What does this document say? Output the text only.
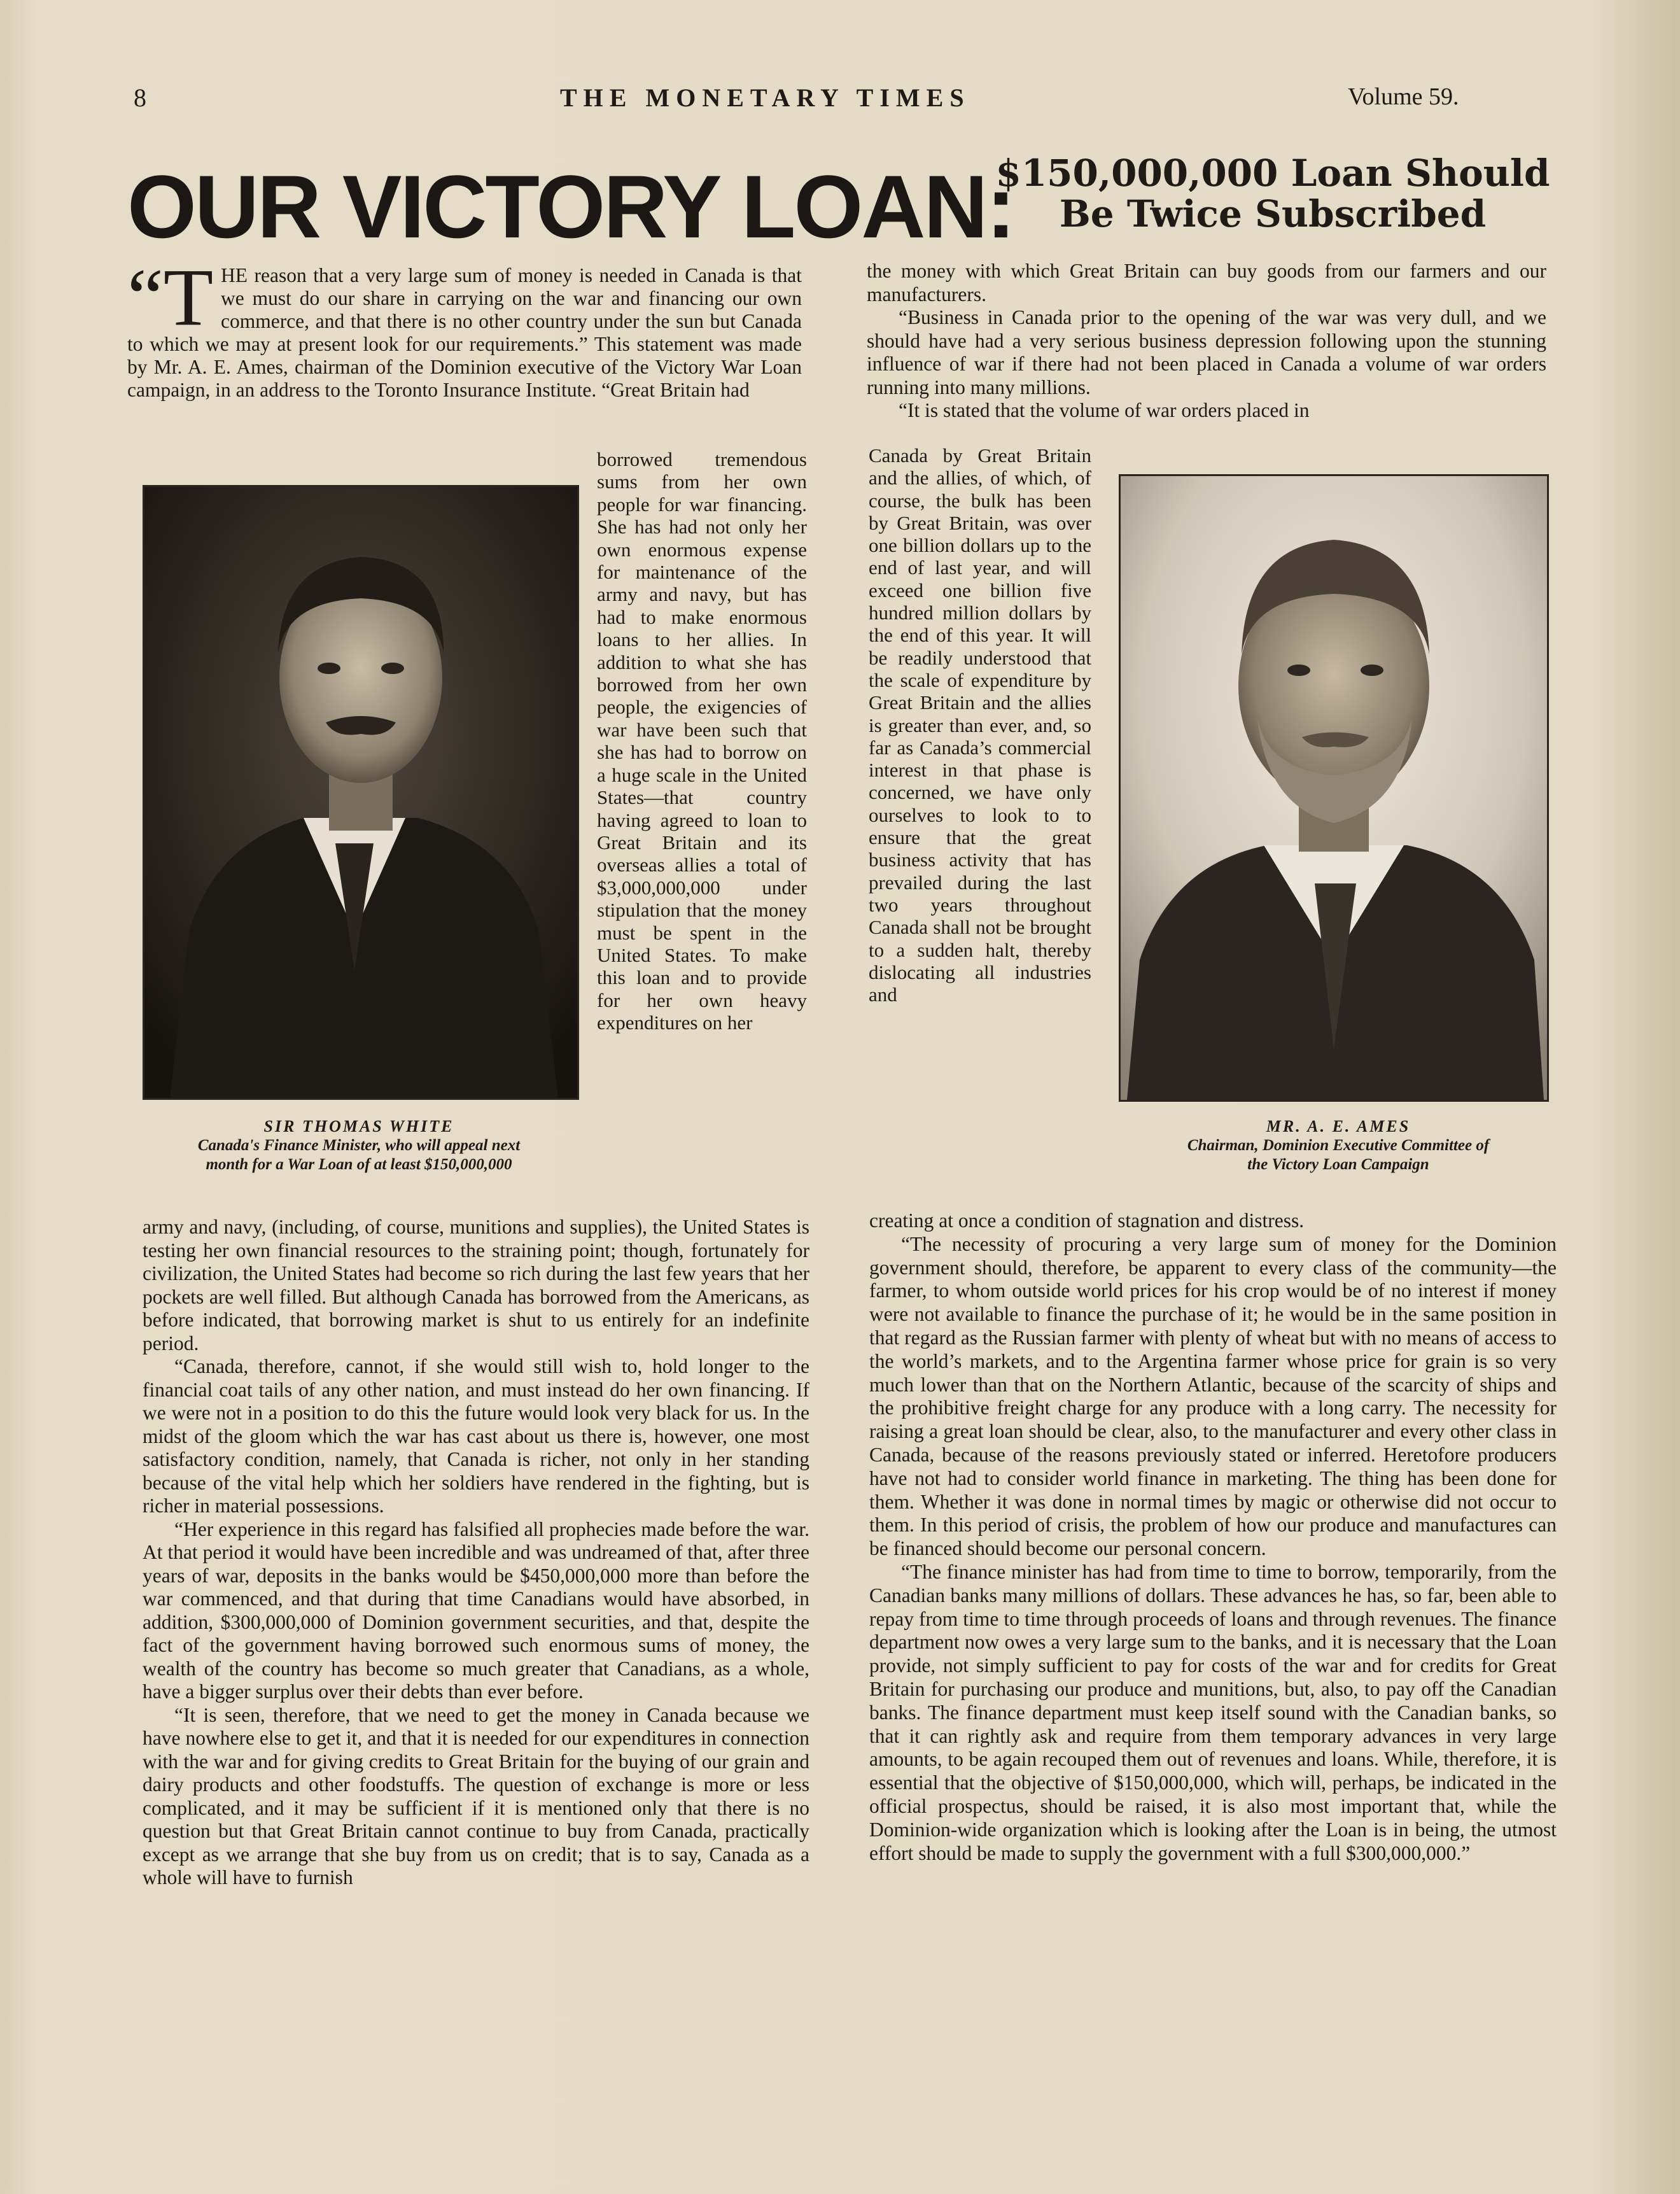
8	THE MONETARY TIMES	Volume 59.
OUR VICTORY LOAN:
$150,000,000 Loan Should
Be Twice Subscribed

“THE reason that a very large sum of money is needed in Canada is that we must do our share in carrying on the war and financing our own commerce, and that there is no other country under the sun but Canada to which we may at present look for our requirements.” This statement was made by Mr. A. E. Ames, chairman of the Dominion executive of the Victory War Loan campaign, in an address to the Toronto Insurance Institute. “Great Britain had

SIR THOMAS WHITE
Canada's Finance Minister, who will appeal next
month for a War Loan of at least $150,000,000

borrowed tremendous sums from her own people for war financing. She has had not only her own enormous expense for maintenance of the army and navy, but has had to make enormous loans to her allies. In addition to what she has borrowed from her own people, the exigencies of war have been such that she has had to borrow on a huge scale in the United States—that country having agreed to loan to Great Britain and its overseas allies a total of $3,000,000,000 under stipulation that the money must be spent in the United States. To make this loan and to provide for her own heavy expenditures on her

army and navy, (including, of course, munitions and supplies), the United States is testing her own financial resources to the straining point; though, fortunately for civilization, the United States had become so rich during the last few years that her pockets are well filled. But although Canada has borrowed from the Americans, as before indicated, that borrowing market is shut to us entirely for an indefinite period.

“Canada, therefore, cannot, if she would still wish to, hold longer to the financial coat tails of any other nation, and must instead do her own financing. If we were not in a position to do this the future would look very black for us. In the midst of the gloom which the war has cast about us there is, however, one most satisfactory condition, namely, that Canada is richer, not only in her standing because of the vital help which her soldiers have rendered in the fighting, but is richer in material possessions.

“Her experience in this regard has falsified all prophecies made before the war. At that period it would have been incredible and was undreamed of that, after three years of war, deposits in the banks would be $450,000,000 more than before the war commenced, and that during that time Canadians would have absorbed, in addition, $300,000,000 of Dominion government securities, and that, despite the fact of the government having borrowed such enormous sums of money, the wealth of the country has become so much greater that Canadians, as a whole, have a bigger surplus over their debts than ever before.

“It is seen, therefore, that we need to get the money in Canada because we have nowhere else to get it, and that it is needed for our expenditures in connection with the war and for giving credits to Great Britain for the buying of our grain and dairy products and other foodstuffs. The question of exchange is more or less complicated, and it may be sufficient if it is mentioned only that there is no question but that Great Britain cannot continue to buy from Canada, practically except as we arrange that she buy from us on credit; that is to say, Canada as a whole will have to furnish

the money with which Great Britain can buy goods from our farmers and our manufacturers.

“Business in Canada prior to the opening of the war was very dull, and we should have had a very serious business depression following upon the stunning influence of war if there had not been placed in Canada a volume of war orders running into many millions.

“It is stated that the volume of war orders placed in

Canada by Great Britain and the allies, of which, of course, the bulk has been by Great Britain, was over one billion dollars up to the end of last year, and will exceed one billion five hundred million dollars by the end of this year. It will be readily understood that the scale of expenditure by Great Britain and the allies is greater than ever, and, so far as Canada’s commercial interest in that phase is concerned, we have only ourselves to look to to ensure that the great business activity that has prevailed during the last two years throughout Canada shall not be brought to a sudden halt, thereby dislocating all industries and

MR. A. E. AMES
Chairman, Dominion Executive Committee of
the Victory Loan Campaign

creating at once a condition of stagnation and distress.

“The necessity of procuring a very large sum of money for the Dominion government should, therefore, be apparent to every class of the community—the farmer, to whom outside world prices for his crop would be of no interest if money were not available to finance the purchase of it; he would be in the same position in that regard as the Russian farmer with plenty of wheat but with no means of access to the world’s markets, and to the Argentina farmer whose price for grain is so very much lower than that on the Northern Atlantic, because of the scarcity of ships and the prohibitive freight charge for any produce with a long carry. The necessity for raising a great loan should be clear, also, to the manufacturer and every other class in Canada, because of the reasons previously stated or inferred. Heretofore producers have not had to consider world finance in marketing. The thing has been done for them. Whether it was done in normal times by magic or otherwise did not occur to them. In this period of crisis, the problem of how our produce and manufactures can be financed should become our personal concern.

“The finance minister has had from time to time to borrow, temporarily, from the Canadian banks many millions of dollars. These advances he has, so far, been able to repay from time to time through proceeds of loans and through revenues. The finance department now owes a very large sum to the banks, and it is necessary that the Loan provide, not simply sufficient to pay for costs of the war and for credits for Great Britain for purchasing our produce and munitions, but, also, to pay off the Canadian banks. The finance department must keep itself sound with the Canadian banks, so that it can rightly ask and require from them temporary advances in very large amounts, to be again recouped them out of revenues and loans. While, therefore, it is essential that the objective of $150,000,000, which will, perhaps, be indicated in the official prospectus, should be raised, it is also most important that, while the Dominion-wide organization which is looking after the Loan is in being, the utmost effort should be made to supply the government with a full $300,000,000.”
